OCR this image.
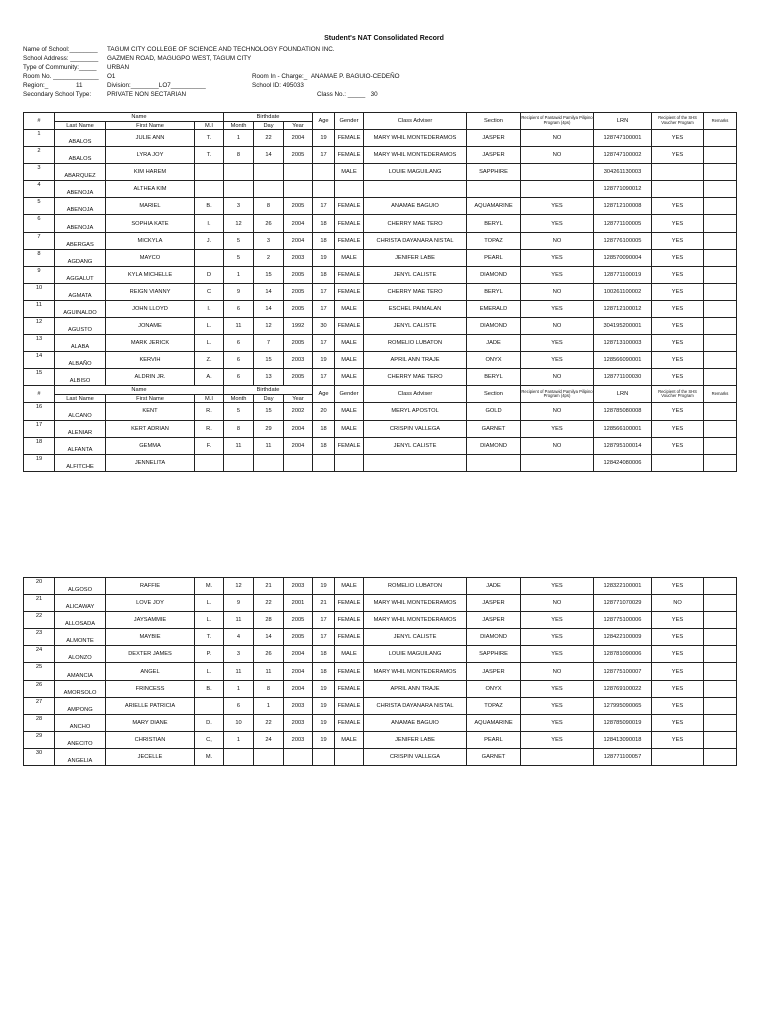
Student's NAT Consolidated Record
Name of School:________ TAGUM CITY COLLEGE OF SCIENCE AND TECHNOLOGY FOUNDATION INC.
School Address: ________ GAZMEN ROAD, MAGUGPO WEST, TAGUM CITY
Type of Community:_____ URBAN
Room No. _____________ O1	Room In - Charge:_ ANAMAE P. BAGUIO-CEDEÑO
Region:_	11	Division:________LO7__________	School ID: 495033
Secondary School Type:	PRIVATE NON SECTARIAN	Class No.: _____ 30
#	Name			Birthdate			Age	Gender	Class Adviser	Section	Recipient of Pantawid Pamilya Pilipino Program (4ps)	LRN	Recipient of the SHS Voucher Program	Remarks
	Last Name	First Name	M.I	Month	Day	Year								
1	ABALOS	JULIE ANN	T.	1	22	2004	19	FEMALE	MARY WHIL MONTEDERAMOS	JASPER	NO	128747100001	YES	
2	ABALOS	LYRA JOY	T.	8	14	2005	17	FEMALE	MARY WHIL MONTEDERAMOS	JASPER	NO	128747100002	YES	
3	ABARQUEZ	KIM HAREM						MALE	LOUIE MAGUILANG	SAPPHIRE		304261130003		
4	ABENOJA	ALTHEA KIM										128771090012		
5	ABENOJA	MARIEL	B.	3	8	2005	17	FEMALE	ANAMAE BAGUIO	AQUAMARINE	YES	128712100008	YES	
6	ABENOJA	SOPHIA KATE	I.	12	26	2004	18	FEMALE	CHERRY MAE TERO	BERYL	YES	128771100005	YES	
7	ABERGAS	MICKYLA	J.	5	3	2004	18	FEMALE	CHRISTA DAYANARA NISTAL	TOPAZ	NO	128776100005	YES	
8	AGDANG	MAYCO		5	2	2003	19	MALE	JENIFER LABE	PEARL	YES	128570090004	YES	
9	AGGALUT	KYLA MICHELLE	D	1	15	2005	18	FEMALE	JENYL CALISTE	DIAMOND	YES	128771100019	YES	
10	AGMATA	REIGN VIANNY	C	9	14	2005	17	FEMALE	CHERRY MAE TERO	BERYL	NO	100261100002	YES	
11	AGUINALDO	JOHN LLOYD	I.	6	14	2005	17	MALE	ESCHEL PAIMALAN	EMERALD	YES	128712100012	YES	
12	AGUSTO	JONAME	L.	11	12	1992	30	FEMALE	JENYL CALISTE	DIAMOND	NO	304195200001	YES	
13	ALABA	MARK JERICK	L.	6	7	2005	17	MALE	ROMELIO LUBATON	JADE	YES	128713100003	YES	
14	ALBAÑO	KERVIH	Z.	6	15	2003	19	MALE	APRIL ANN TRAJE	ONYX	YES	128566090001	YES	
15	ALBISO	ALDRIN JR.	A.	6	13	2005	17	MALE	CHERRY MAE TERO	BERYL	NO	128771100030	YES	
#	Name			Birthdate			Age	Gender	Class Adviser	Section	Recipient of Pantawid Pamilya Pilipino Program (4ps)	LRN	Recipient of the SHS Voucher Program	Remarks
	Last Name	First Name	M.I	Month	Day	Year								
16	ALCANO	KENT	R.	5	15	2002	20	MALE	MERYL APOSTOL	GOLD	NO	128785080008	YES	
17	ALENIAR	KERT ADRIAN	R.	8	29	2004	18	MALE	CRISPIN VALLEGA	GARNET	YES	128566100001	YES	
18	ALFANTA	GEMMA	F.	11	11	2004	18	FEMALE	JENYL CALISTE	DIAMOND	NO	128795100014	YES	
19	ALFITCHE	JENNELITA										128424080006		
20	ALGOSO	RAFFIE	M.	12	21	2003	19	MALE	ROMELIO LUBATON	JADE	YES	128322100001	YES	
21	ALICAWAY	LOVE JOY	L.	9	22	2001	21	FEMALE	MARY WHIL MONTEDERAMOS	JASPER	NO	128771070029	NO	
22	ALLOSADA	JAYSAMMIE	L.	11	28	2005	17	FEMALE	MARY WHIL MONTEDERAMOS	JASPER	YES	128775100006	YES	
23	ALMONTE	MAYBIE	T.	4	14	2005	17	FEMALE	JENYL CALISTE	DIAMOND	YES	128422100009	YES	
24	ALONZO	DEXTER JAMES	P.	3	26	2004	18	MALE	LOUIE MAGUILANG	SAPPHIRE	YES	128781090006	YES	
25	AMANCIA	ANGEL	L.	11	11	2004	18	FEMALE	MARY WHIL MONTEDERAMOS	JASPER	NO	128775100007	YES	
26	AMORSOLO	FRINCESS	B.	1	8	2004	19	FEMALE	APRIL ANN TRAJE	ONYX	YES	128769100022	YES	
27	AMPONG	ARIELLE PATRICIA		6	1	2003	19	FEMALE	CHRISTA DAYANARA NISTAL	TOPAZ	YES	127995090065	YES	
28	ANCHO	MARY DIANE	D.	10	22	2003	19	FEMALE	ANAMAE BAGUIO	AQUAMARINE	YES	128785090019	YES	
29	ANECITO	CHRISTIAN	C,	1	24	2003	19	MALE	JENIFER LABE	PEARL	YES	128413090018	YES	
30	ANGELIA	JECELLE	M.						CRISPIN VALLEGA	GARNET		128771100057		
